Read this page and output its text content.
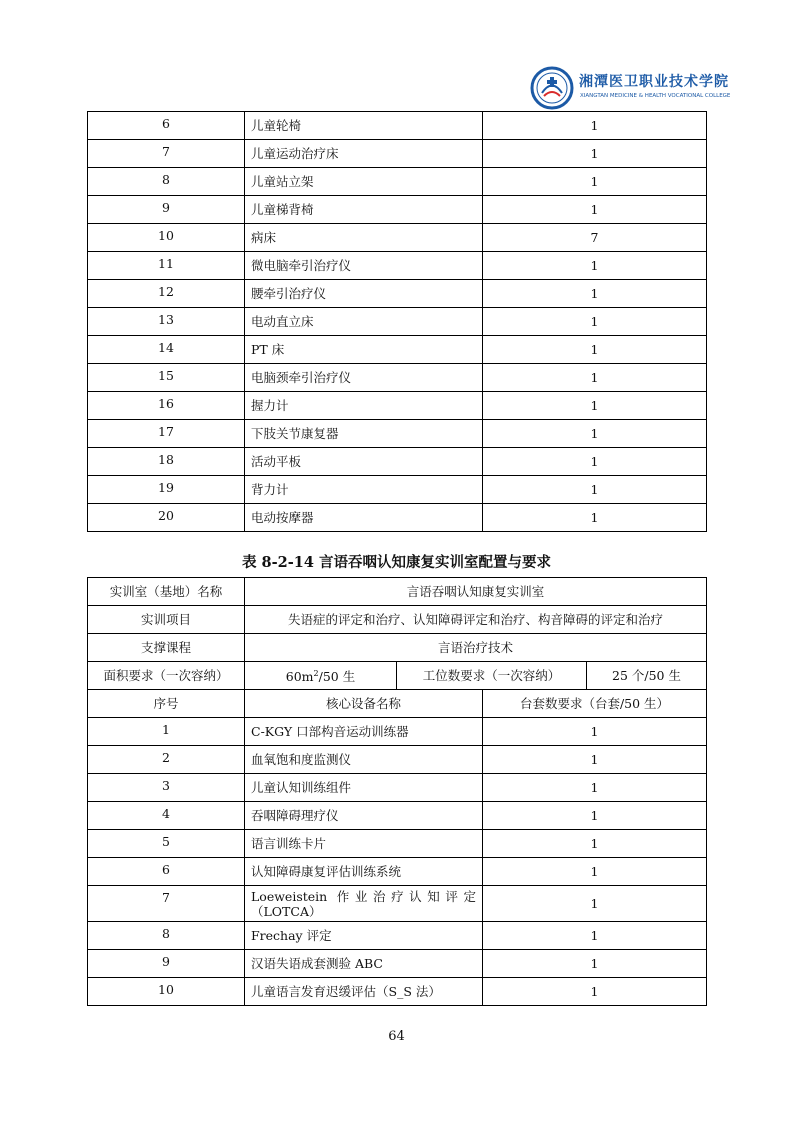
湘潭医卫职业技术学院
XIANGTAN MEDICINE & HEALTH VOCATIONAL COLLEGE
6	儿童轮椅	1
7	儿童运动治疗床	1
8	儿童站立架	1
9	儿童梯背椅	1
10	病床	7
11	微电脑牵引治疗仪	1
12	腰牵引治疗仪	1
13	电动直立床	1
14	PT 床	1
15	电脑颈牵引治疗仪	1
16	握力计	1
17	下肢关节康复器	1
18	活动平板	1
19	背力计	1
20	电动按摩器	1
表 8-2-14 言语吞咽认知康复实训室配置与要求
实训室（基地）名称	言语吞咽认知康复实训室			
实训项目	失语症的评定和治疗、认知障碍评定和治疗、构音障碍的评定和治疗			
支撑课程	言语治疗技术			
面积要求（一次容纳）	$60m^2/50$ 生	工位数要求（一次容纳）		25 个/50 生
序号	核心设备名称		台套数要求（台套/50 生）	
1	C-KGY 口部构音运动训练器		1	
2	血氧饱和度监测仪		1	
3	儿童认知训练组件		1	
4	吞咽障碍理疗仪		1	
5	语言训练卡片		1	
6	认知障碍康复评估训练系统		1	
7	Loeweistein 作业治疗认知评定（LOTCA）		1	
8	Frechay 评定		1	
9	汉语失语成套测验 ABC		1	
10	儿童语言发育迟缓评估（S_S 法）		1	
64
